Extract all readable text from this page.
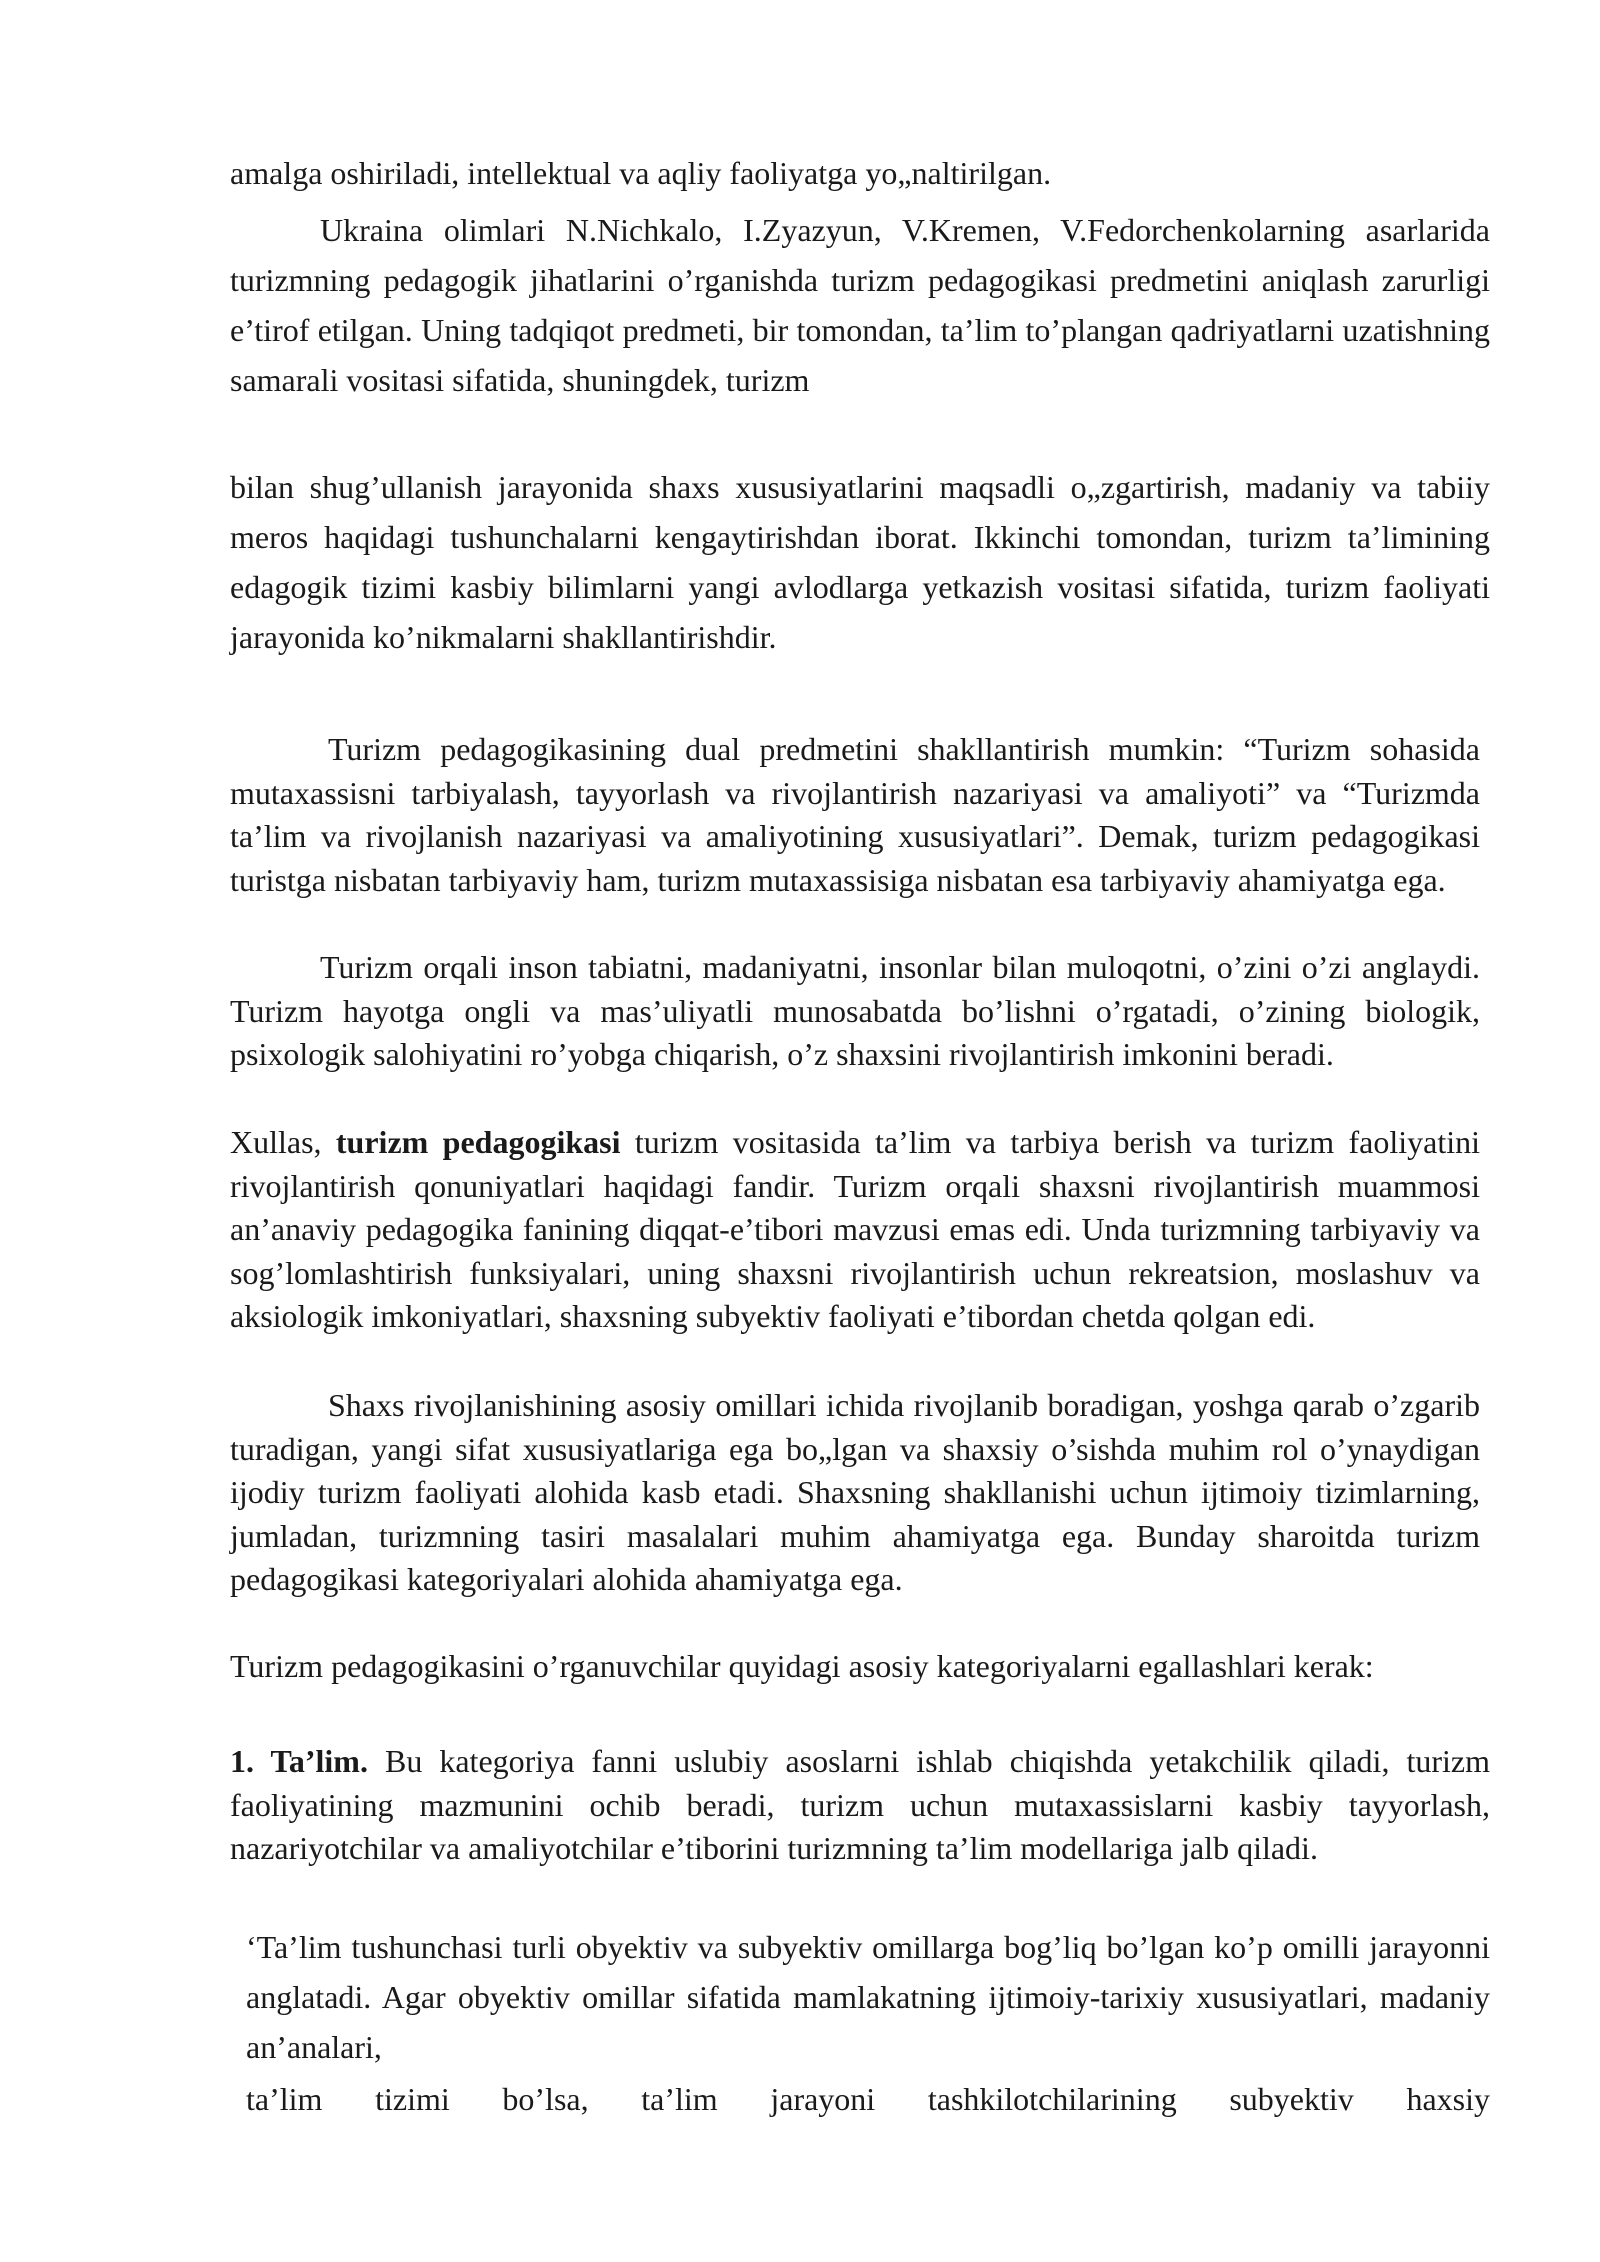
amalga oshiriladi, intellektual va aqliy faoliyatga yo„naltirilgan.

Ukraina olimlari N.Nichkalo, I.Zyazyun, V.Kremen, V.Fedorchenkolarning asarlarida turizmning pedagogik jihatlarini o’rganishda turizm pedagogikasi predmetini aniqlash zarurligi e’tirof etilgan. Uning tadqiqot predmeti, bir tomondan, ta’lim to’plangan qadriyatlarni uzatishning samarali vositasi sifatida, shuningdek, turizm

bilan shug’ullanish jarayonida shaxs xususiyatlarini maqsadli o„zgartirish, madaniy va tabiiy meros haqidagi tushunchalarni kengaytirishdan iborat. Ikkinchi tomondan, turizm ta’limining edagogik tizimi kasbiy bilimlarni yangi avlodlarga yetkazish vositasi sifatida, turizm faoliyati jarayonida ko’nikmalarni shakllantirishdir.

Turizm pedagogikasining dual predmetini shakllantirish mumkin: “Turizm sohasida mutaxassisni tarbiyalash, tayyorlash va rivojlantirish nazariyasi va amaliyoti” va “Turizmda ta’lim va rivojlanish nazariyasi va amaliyotining xususiyatlari”. Demak, turizm pedagogikasi turistga nisbatan tarbiyaviy ham, turizm mutaxassisiga nisbatan esa tarbiyaviy ahamiyatga ega.

Turizm orqali inson tabiatni, madaniyatni, insonlar bilan muloqotni, o’zini o’zi anglaydi. Turizm hayotga ongli va mas’uliyatli munosabatda bo’lishni o’rgatadi, o’zining biologik, psixologik salohiyatini ro’yobga chiqarish, o’z shaxsini rivojlantirish imkonini beradi.

Xullas, turizm pedagogikasi turizm vositasida ta’lim va tarbiya berish va turizm faoliyatini rivojlantirish qonuniyatlari haqidagi fandir. Turizm orqali shaxsni rivojlantirish muammosi an’anaviy pedagogika fanining diqqat-e’tibori mavzusi emas edi. Unda turizmning tarbiyaviy va sog’lomlashtirish funksiyalari, uning shaxsni rivojlantirish uchun rekreatsion, moslashuv va aksiologik imkoniyatlari, shaxsning subyektiv faoliyati e’tibordan chetda qolgan edi.

Shaxs rivojlanishining asosiy omillari ichida rivojlanib boradigan, yoshga qarab o’zgarib turadigan, yangi sifat xususiyatlariga ega bo„lgan va shaxsiy o’sishda muhim rol o’ynaydigan ijodiy turizm faoliyati alohida kasb etadi. Shaxsning shakllanishi uchun ijtimoiy tizimlarning, jumladan, turizmning tasiri masalalari muhim ahamiyatga ega. Bunday sharoitda turizm pedagogikasi kategoriyalari alohida ahamiyatga ega.

Turizm pedagogikasini o’rganuvchilar quyidagi asosiy kategoriyalarni egallashlari kerak:

1. Ta’lim. Bu kategoriya fanni uslubiy asoslarni ishlab chiqishda yetakchilik qiladi, turizm faoliyatining mazmunini ochib beradi, turizm uchun mutaxassislarni kasbiy tayyorlash, nazariyotchilar va amaliyotchilar e’tiborini turizmning ta’lim modellariga jalb qiladi.

‘Ta’lim tushunchasi turli obyektiv va subyektiv omillarga bog’liq bo’lgan ko’p omilli jarayonni anglatadi. Agar obyektiv omillar sifatida mamlakatning ijtimoiy-tarixiy xususiyatlari, madaniy an’analari,

ta’lim tizimi bo’lsa, ta’lim jarayoni tashkilotchilarining subyektiv haxsiy
